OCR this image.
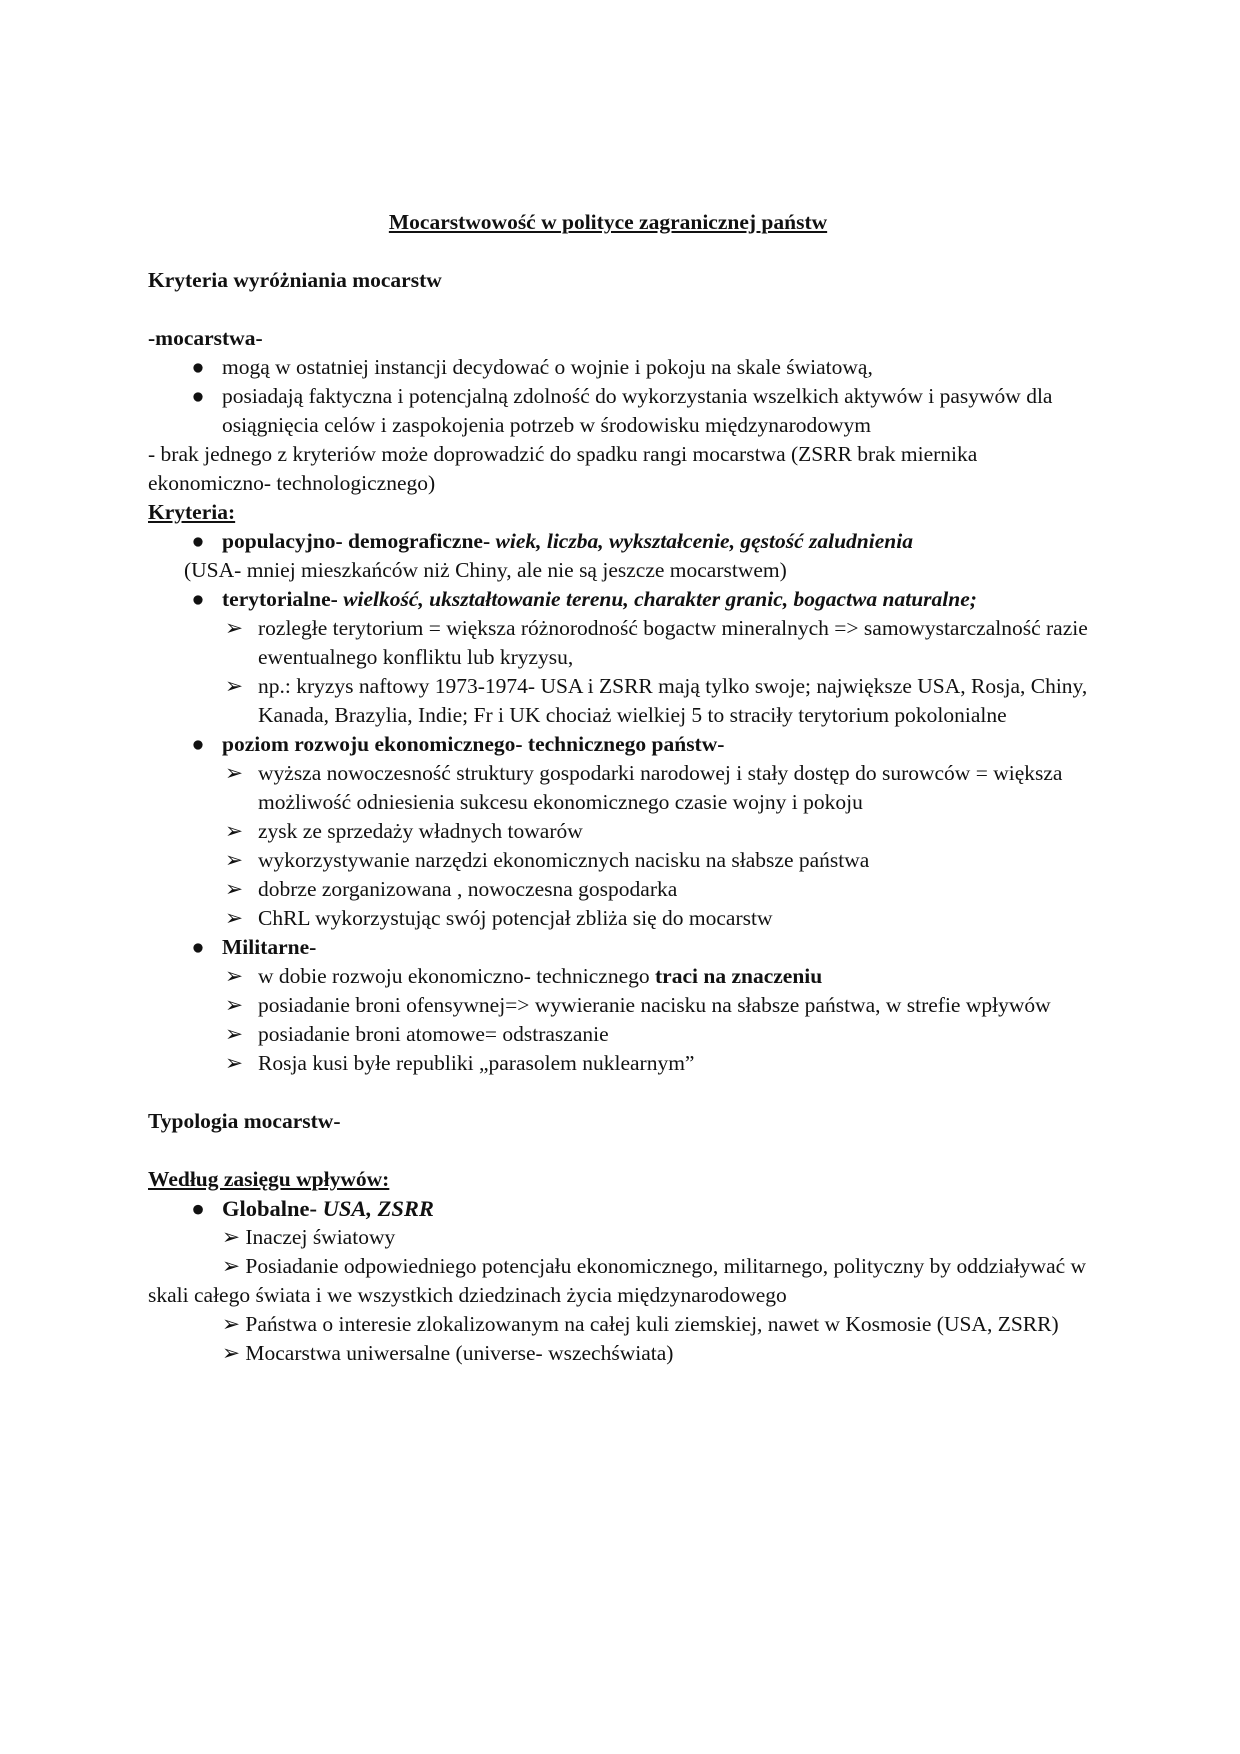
Mocarstwowość w polityce zagranicznej państw
Kryteria wyróżniania mocarstw
-mocarstwa-
● mogą w ostatniej instancji decydować o wojnie i pokoju na skale światową,
● posiadają faktyczna i potencjalną zdolność do wykorzystania wszelkich aktywów i pasywów dla osiągnięcia celów i zaspokojenia potrzeb w środowisku międzynarodowym
- brak jednego z kryteriów może doprowadzić do spadku rangi mocarstwa (ZSRR brak miernika ekonomiczno- technologicznego)
Kryteria:
● populacyjno- demograficzne- wiek, liczba, wykształcenie, gęstość zaludnienia
(USA- mniej mieszkańców niż Chiny, ale nie są jeszcze mocarstwem)
● terytorialne- wielkość, ukształtowanie terenu, charakter granic, bogactwa naturalne;
➢ rozległe terytorium = większa różnorodność bogactw mineralnych => samowystarczalność razie ewentualnego konfliktu lub kryzysu,
➢ np.: kryzys naftowy 1973-1974- USA i ZSRR mają tylko swoje; największe USA, Rosja, Chiny, Kanada, Brazylia, Indie; Fr i UK chociaż wielkiej 5 to straciły terytorium pokolonialne
● poziom rozwoju ekonomicznego- technicznego państw-
➢ wyższa nowoczesność struktury gospodarki narodowej i stały dostęp do surowców = większa możliwość odniesienia sukcesu ekonomicznego czasie wojny i pokoju
➢ zysk ze sprzedaży władnych towarów
➢ wykorzystywanie narzędzi ekonomicznych nacisku na słabsze państwa
➢ dobrze zorganizowana , nowoczesna gospodarka
➢ ChRL wykorzystując swój potencjał zbliża się do mocarstw
● Militarne-
➢ w dobie rozwoju ekonomiczno- technicznego traci na znaczeniu
➢ posiadanie broni ofensywnej=> wywieranie nacisku na słabsze państwa, w strefie wpływów
➢ posiadanie broni atomowe= odstraszanie
➢ Rosja kusi byłe republiki „parasolem nuklearnym”
Typologia mocarstw-
Według zasięgu wpływów:
● Globalne- USA, ZSRR
➢ Inaczej światowy
➢ Posiadanie odpowiedniego potencjału ekonomicznego, militarnego, polityczny by oddziaływać w skali całego świata i we wszystkich dziedzinach życia międzynarodowego
➢ Państwa o interesie zlokalizowanym na całej kuli ziemskiej, nawet w Kosmosie (USA, ZSRR)
➢ Mocarstwa uniwersalne (universe- wszechświata)
